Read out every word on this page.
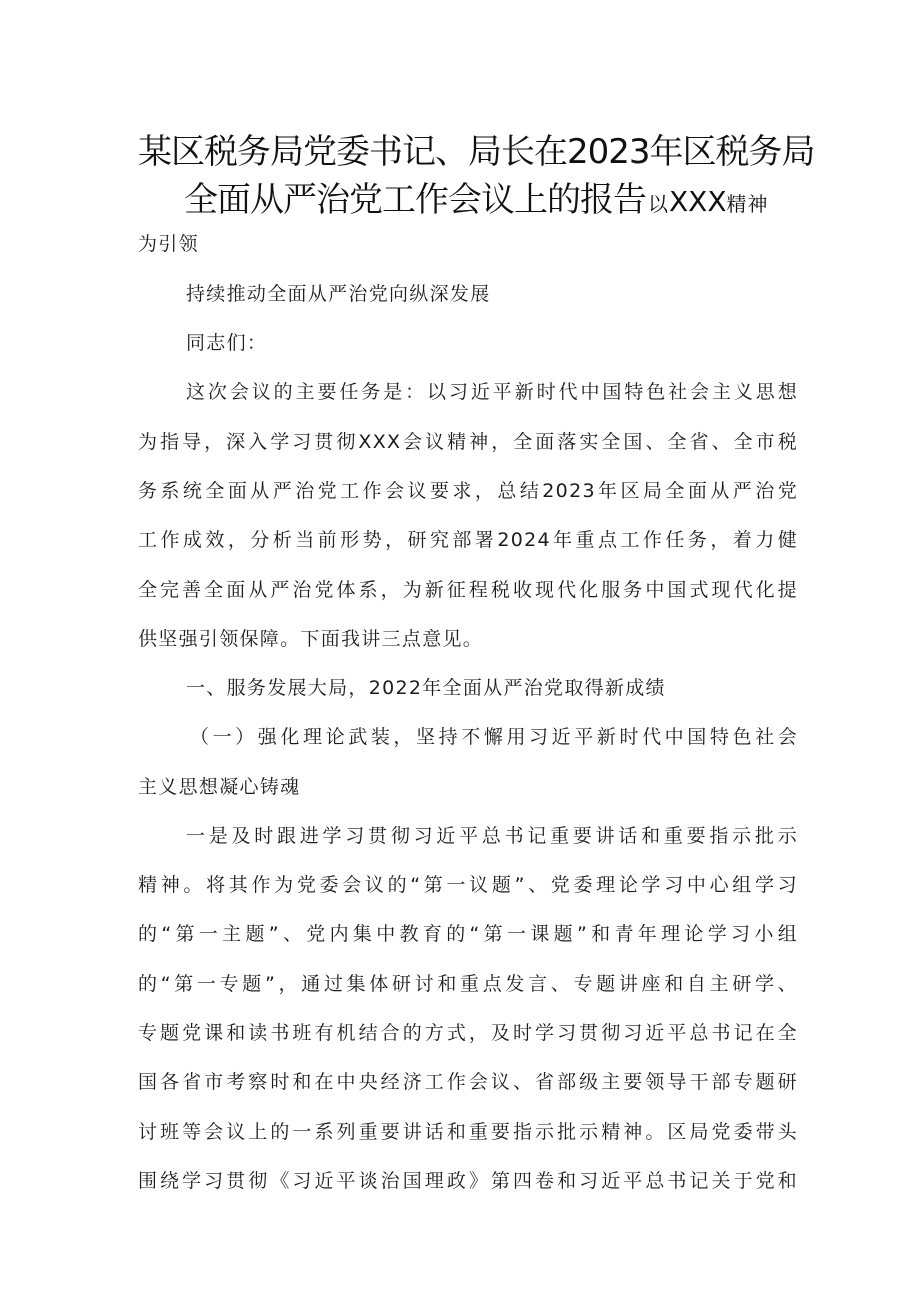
某区税务局党委书记、局长在2023年区税务局
全面从严治党工作会议上的报告 以XXX精神
为引领
持续推动全面从严治党向纵深发展
同志们：
这次会议的主要任务是：以习近平新时代中国特色社会主义思想
为指导，深入学习贯彻XXX会议精神，全面落实全国、全省、全市税
务系统全面从严治党工作会议要求，总结2023年区局全面从严治党
工作成效，分析当前形势，研究部署2024年重点工作任务，着力健
全完善全面从严治党体系，为新征程税收现代化服务中国式现代化提
供坚强引领保障。下面我讲三点意见。
一、服务发展大局，2022年全面从严治党取得新成绩
（一）强化理论武装，坚持不懈用习近平新时代中国特色社会
主义思想凝心铸魂
一是及时跟进学习贯彻习近平总书记重要讲话和重要指示批示
精神。将其作为党委会议的“第一议题”、党委理论学习中心组学习
的“第一主题”、党内集中教育的“第一课题”和青年理论学习小组
的“第一专题”，通过集体研讨和重点发言、专题讲座和自主研学、
专题党课和读书班有机结合的方式，及时学习贯彻习近平总书记在全
国各省市考察时和在中央经济工作会议、省部级主要领导干部专题研
讨班等会议上的一系列重要讲话和重要指示批示精神。区局党委带头
围绕学习贯彻《习近平谈治国理政》第四卷和习近平总书记关于党和
